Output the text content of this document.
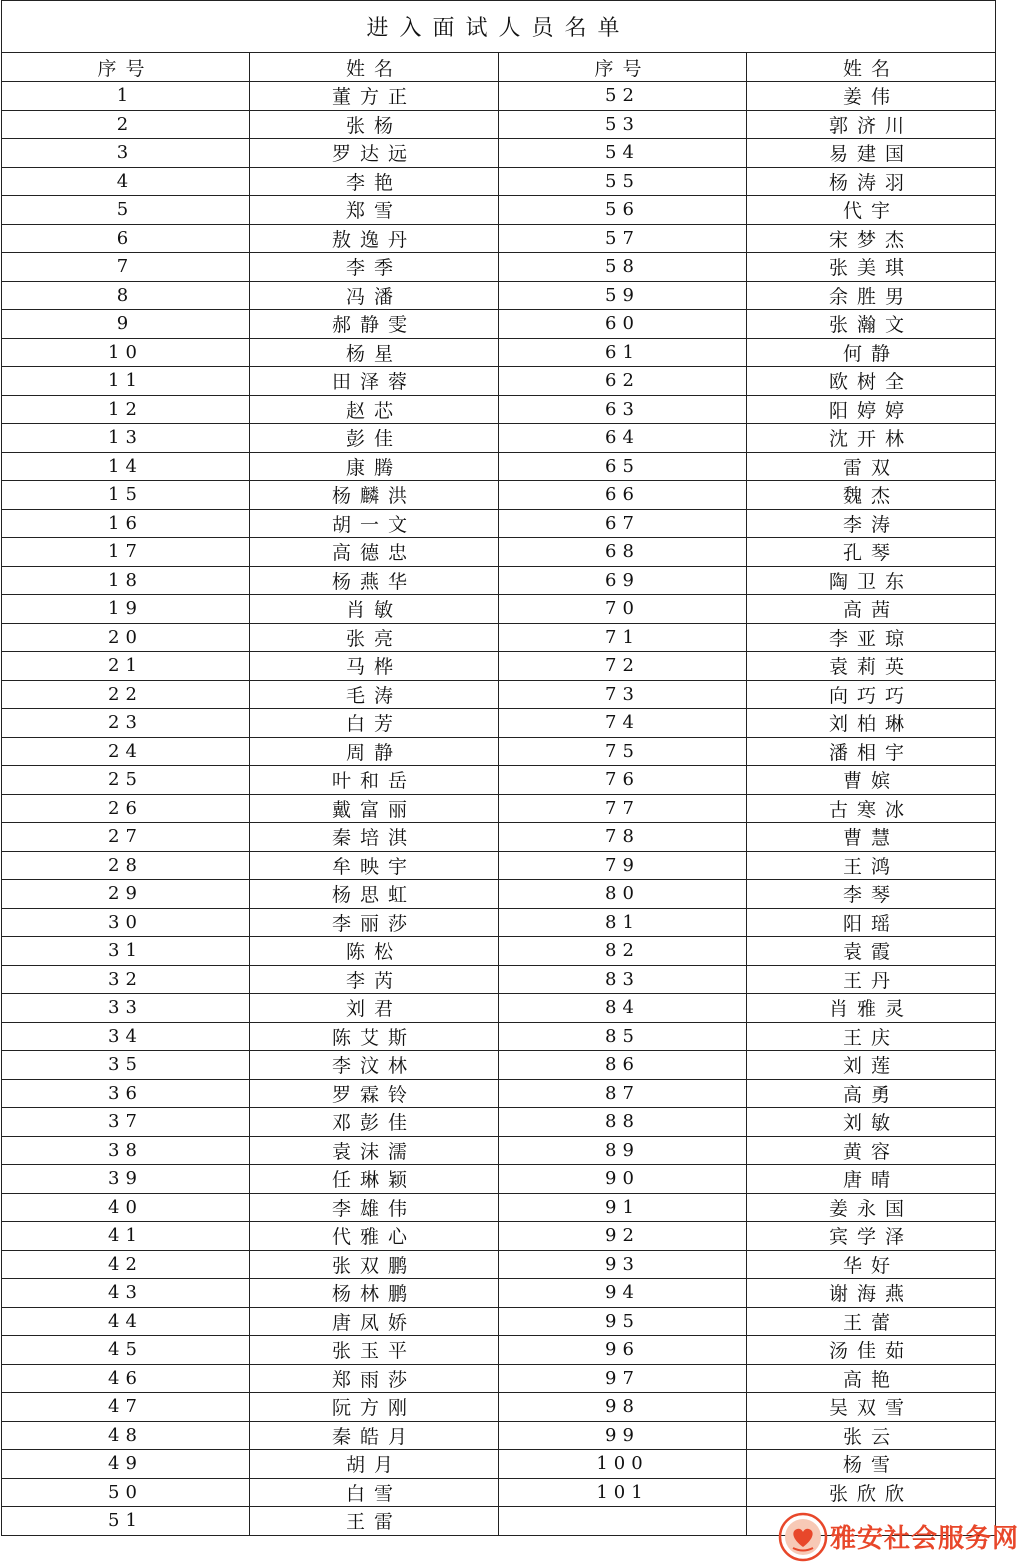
进入面试人员名单			
序号	姓名	序号	姓名
1	董方正	52	姜伟
2	张杨	53	郭济川
3	罗达远	54	易建国
4	李艳	55	杨涛羽
5	郑雪	56	代宇
6	敖逸丹	57	宋梦杰
7	李季	58	张美琪
8	冯潘	59	余胜男
9	郝静雯	60	张瀚文
10	杨星	61	何静
11	田泽蓉	62	欧树全
12	赵芯	63	阳婷婷
13	彭佳	64	沈开林
14	康腾	65	雷双
15	杨麟洪	66	魏杰
16	胡一文	67	李涛
17	高德忠	68	孔琴
18	杨燕华	69	陶卫东
19	肖敏	70	高茜
20	张亮	71	李亚琼
21	马桦	72	袁莉英
22	毛涛	73	向巧巧
23	白芳	74	刘柏琳
24	周静	75	潘相宇
25	叶和岳	76	曹嫔
26	戴富丽	77	古寒冰
27	秦培淇	78	曹慧
28	牟映宇	79	王鸿
29	杨思虹	80	李琴
30	李丽莎	81	阳瑶
31	陈松	82	袁霞
32	李芮	83	王丹
33	刘君	84	肖雅灵
34	陈艾斯	85	王庆
35	李汶林	86	刘莲
36	罗霖铃	87	高勇
37	邓彭佳	88	刘敏
38	袁沫濡	89	黄容
39	任琳颖	90	唐晴
40	李雄伟	91	姜永国
41	代雅心	92	宾学泽
42	张双鹏	93	华好
43	杨林鹏	94	谢海燕
44	唐凤娇	95	王蕾
45	张玉平	96	汤佳茹
46	郑雨莎	97	高艳
47	阮方刚	98	吴双雪
48	秦皓月	99	张云
49	胡月	100	杨雪
50	白雪	101	张欣欣
51	王雷		
雅安社会服务网
